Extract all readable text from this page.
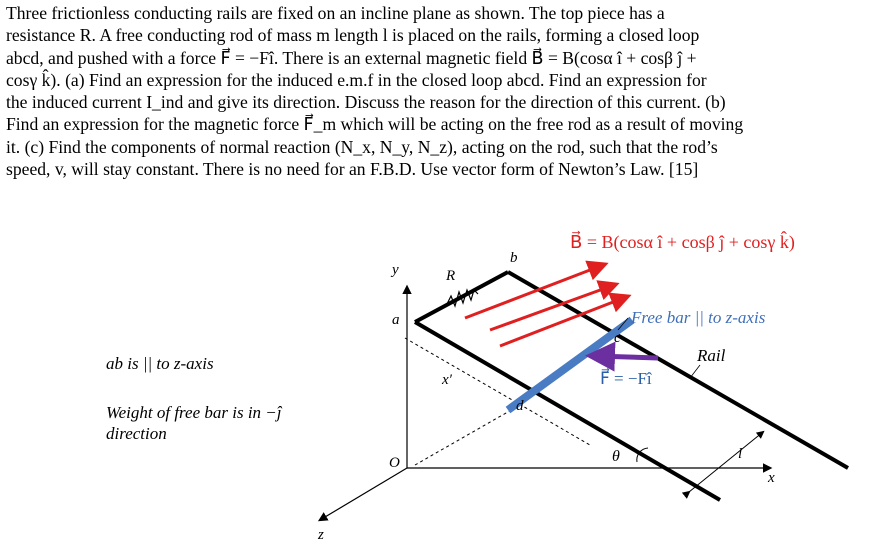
Three frictionless conducting rails are fixed on an incline plane as shown. The top piece has a
resistance R. A free conducting rod of mass m length l is placed on the rails, forming a closed loop
abcd, and pushed with a force F⃗ = −Fî. There is an external magnetic field B⃗ = B(cosα î + cosβ ĵ +
cosγ k̂). (a) Find an expression for the induced e.m.f in the closed loop abcd. Find an expression for
the induced current I_ind and give its direction. Discuss the reason for the direction of this current. (b)
Find an expression for the magnetic force F⃗_m which will be acting on the free rod as a result of moving
it. (c) Find the components of normal reaction (N_x, N_y, N_z), acting on the rod, such that the rod’s
speed, v, will stay constant. There is no need for an F.B.D. Use vector form of Newton’s Law. [15]
B⃗ = B(cosα î + cosβ ĵ + cosγ k̂)
Free bar || to z-axis
Rail
F⃗ = −Fî
ab is || to z-axis
Weight of free bar is in −ĵ
direction
a
b
c
d
R
O
y
x
z
x′
θ	l
